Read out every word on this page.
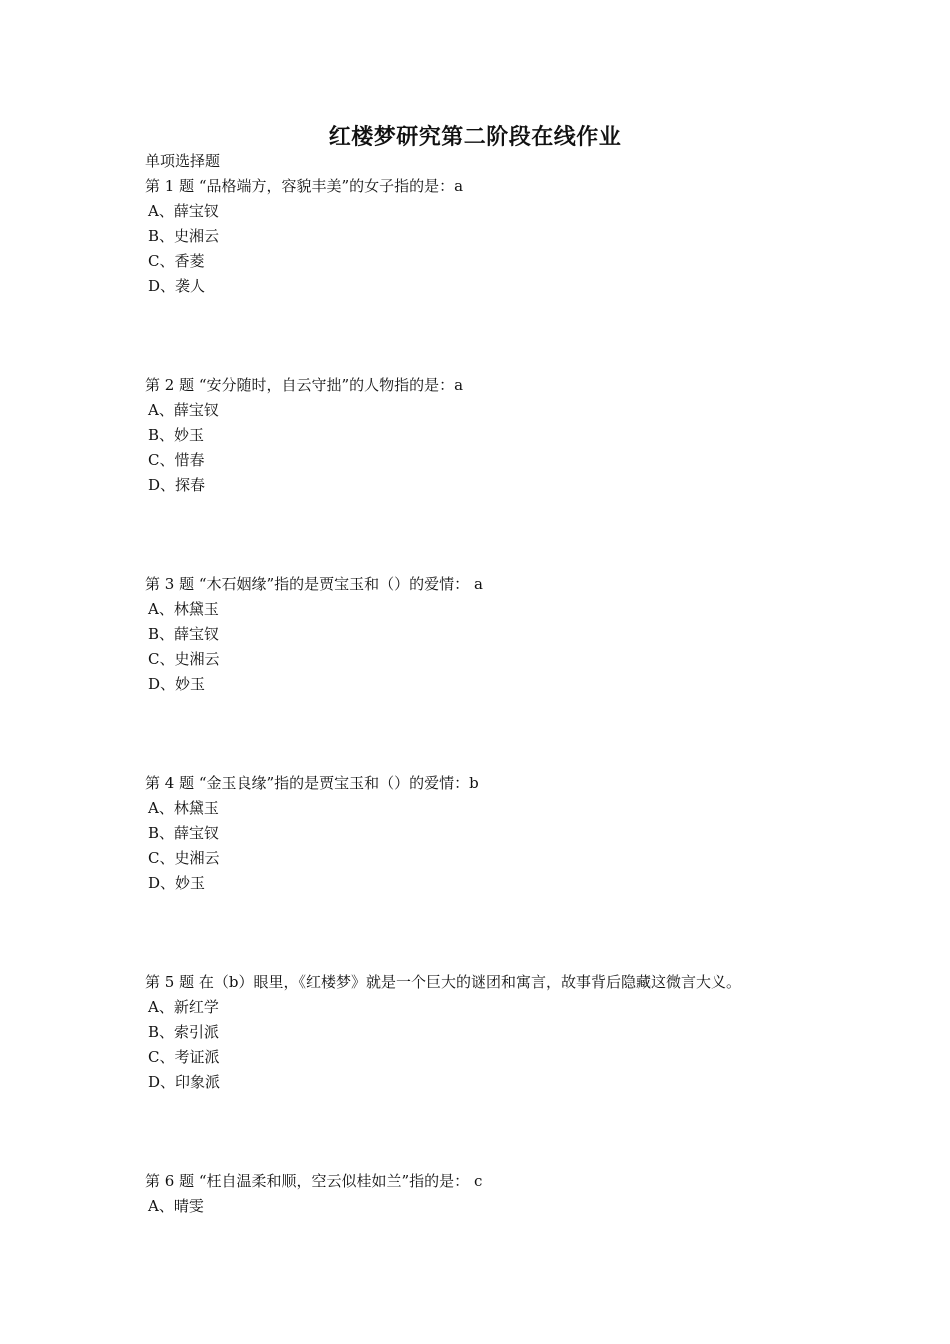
红楼梦研究第二阶段在线作业
单项选择题
第 1 题 “品格端方，容貌丰美”的女子指的是：a
A、薛宝钗
B、史湘云
C、香菱
D、袭人
第 2 题 “安分随时，自云守拙”的人物指的是：a
A、薛宝钗
B、妙玉
C、惜春
D、探春
第 3 题 “木石姻缘”指的是贾宝玉和（）的爱情： a
A、林黛玉
B、薛宝钗
C、史湘云
D、妙玉
第 4 题 “金玉良缘”指的是贾宝玉和（）的爱情：b
A、林黛玉
B、薛宝钗
C、史湘云
D、妙玉
第 5 题 在（b）眼里，《红楼梦》就是一个巨大的谜团和寓言，故事背后隐藏这微言大义。
A、新红学
B、索引派
C、考证派
D、印象派
第 6 题 “枉自温柔和顺，空云似桂如兰”指的是： c
A、晴雯
